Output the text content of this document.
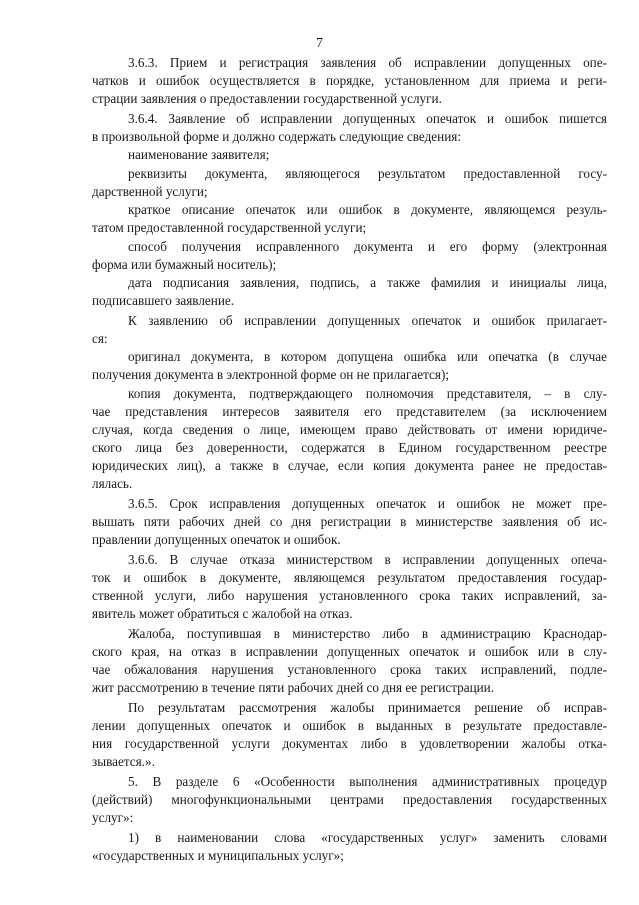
7
3.6.3. Прием и регистрация заявления об исправлении допущенных опе-
чатков и ошибок осуществляется в порядке, установленном для приема и реги-
страции заявления о предоставлении государственной услуги.
3.6.4. Заявление об исправлении допущенных опечаток и ошибок пишется
в произвольной форме и должно содержать следующие сведения:
наименование заявителя;
реквизиты документа, являющегося результатом предоставленной госу-
дарственной услуги;
краткое описание опечаток или ошибок в документе, являющемся резуль-
татом предоставленной государственной услуги;
способ получения исправленного документа и его форму (электронная
форма или бумажный носитель);
дата подписания заявления, подпись, а также фамилия и инициалы лица,
подписавшего заявление.
К заявлению об исправлении допущенных опечаток и ошибок прилагает-
ся:
оригинал документа, в котором допущена ошибка или опечатка (в случае
получения документа в электронной форме он не прилагается);
копия документа, подтверждающего полномочия представителя, – в слу-
чае представления интересов заявителя его представителем (за исключением
случая, когда сведения о лице, имеющем право действовать от имени юридиче-
ского лица без доверенности, содержатся в Едином государственном реестре
юридических лиц), а также в случае, если копия документа ранее не предостав-
лялась.
3.6.5. Срок исправления допущенных опечаток и ошибок не может пре-
вышать пяти рабочих дней со дня регистрации в министерстве заявления об ис-
правлении допущенных опечаток и ошибок.
3.6.6. В случае отказа министерством в исправлении допущенных опеча-
ток и ошибок в документе, являющемся результатом предоставления государ-
ственной услуги, либо нарушения установленного срока таких исправлений, за-
явитель может обратиться с жалобой на отказ.
Жалоба, поступившая в министерство либо в администрацию Краснодар-
ского края, на отказ в исправлении допущенных опечаток и ошибок или в слу-
чае обжалования нарушения установленного срока таких исправлений, подле-
жит рассмотрению в течение пяти рабочих дней со дня ее регистрации.
По результатам рассмотрения жалобы принимается решение об исправ-
лении допущенных опечаток и ошибок в выданных в результате предоставле-
ния государственной услуги документах либо в удовлетворении жалобы отка-
зывается.».
5. В разделе 6 «Особенности выполнения административных процедур
(действий) многофункциональными центрами предоставления государственных
услуг»:
1) в наименовании слова «государственных услуг» заменить словами
«государственных и муниципальных услуг»;
